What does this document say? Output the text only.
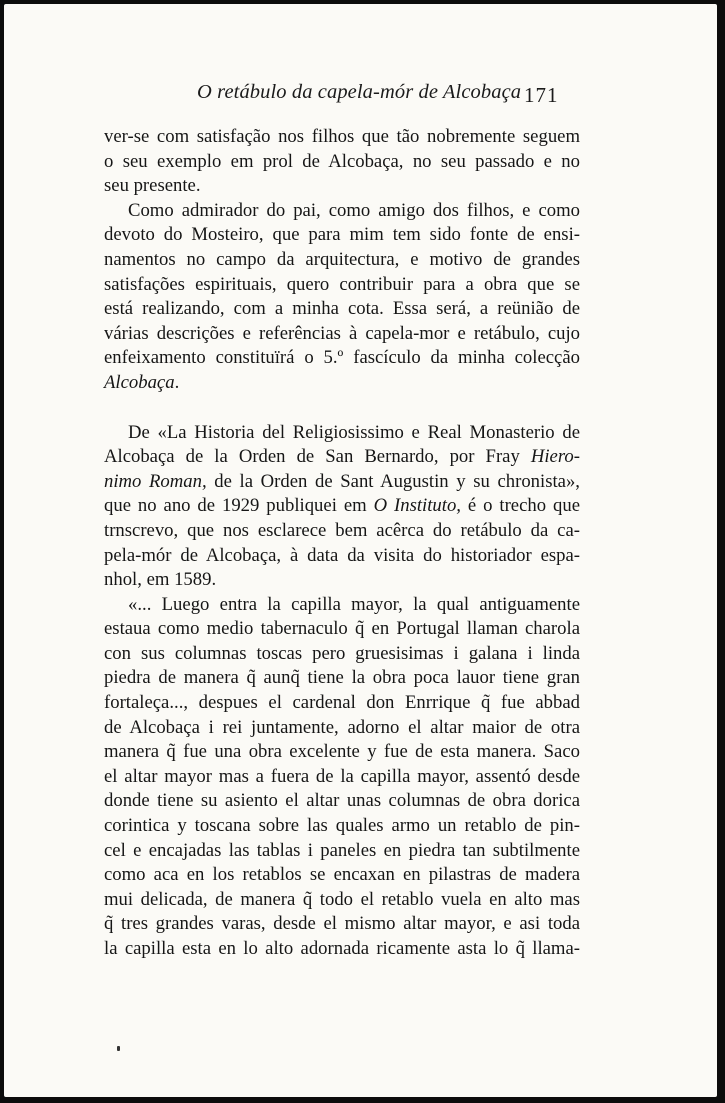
O retábulo da capela-mór de Alcobaça 171

ver-se com satisfação nos filhos que tão nobremente seguem
o seu exemplo em prol de Alcobaça, no seu passado e no
seu presente.

Como admirador do pai, como amigo dos filhos, e como
devoto do Mosteiro, que para mim tem sido fonte de ensi-
namentos no campo da arquitectura, e motivo de grandes
satisfações espirituais, quero contribuir para a obra que se
está realizando, com a minha cota. Essa será, a reünião de
várias descrições e referências à capela-mor e retábulo, cujo
enfeixamento constituïrá o 5.º fascículo da minha colecção
Alcobaça.

De «La Historia del Religiosissimo e Real Monasterio de
Alcobaça de la Orden de San Bernardo, por Fray Hiero-
nimo Roman, de la Orden de Sant Augustin y su chronista»,
que no ano de 1929 publiquei em O Instituto, é o trecho que
trnscrevo, que nos esclarece bem acêrca do retábulo da ca-
pela-mór de Alcobaça, à data da visita do historiador espa-
nhol, em 1589.

«... Luego entra la capilla mayor, la qual antiguamente
estaua como medio tabernaculo q̃ en Portugal llaman charola
con sus columnas toscas pero gruesisimas i galana i linda
piedra de manera q̃ aunq̃ tiene la obra poca lauor tiene gran
fortaleça..., despues el cardenal don Enrrique q̃ fue abbad
de Alcobaça i rei juntamente, adorno el altar maior de otra
manera q̃ fue una obra excelente y fue de esta manera. Saco
el altar mayor mas a fuera de la capilla mayor, assentó desde
donde tiene su asiento el altar unas columnas de obra dorica
corintica y toscana sobre las quales armo un retablo de pin-
cel e encajadas las tablas i paneles en piedra tan subtilmente
como aca en los retablos se encaxan en pilastras de madera
mui delicada, de manera q̃ todo el retablo vuela en alto mas
q̃ tres grandes varas, desde el mismo altar mayor, e asi toda
la capilla esta en lo alto adornada ricamente asta lo q̃ llama-
